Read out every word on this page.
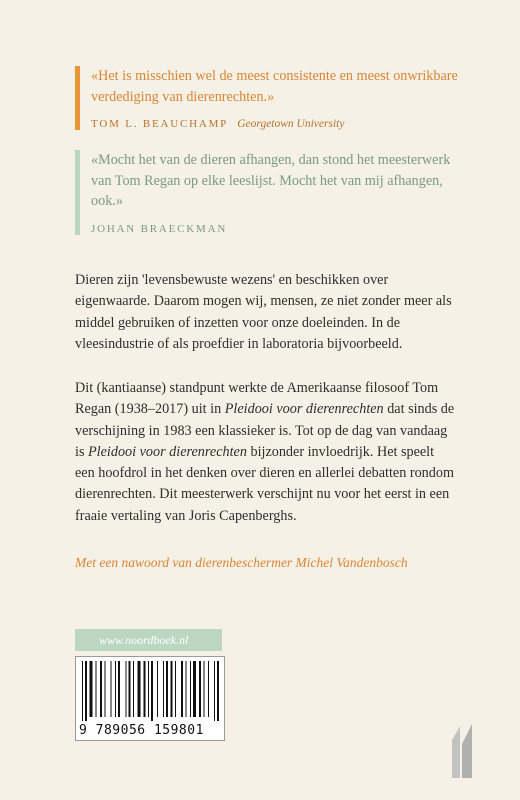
«Het is misschien wel de meest consistente en meest onwrikbare verdediging van dierenrechten.»

TOM L. BEAUCHAMP Georgetown University

«Mocht het van de dieren afhangen, dan stond het meesterwerk van Tom Regan op elke leeslijst. Mocht het van mij afhangen, ook.»

JOHAN BRAECKMAN

Dieren zijn 'levensbewuste wezens' en beschikken over eigenwaarde. Daarom mogen wij, mensen, ze niet zonder meer als middel gebruiken of inzetten voor onze doeleinden. In de vleesindustrie of als proefdier in laboratoria bijvoorbeeld.

Dit (kantiaanse) standpunt werkte de Amerikaanse filosoof Tom Regan (1938–2017) uit in Pleidooi voor dierenrechten dat sinds de verschijning in 1983 een klassieker is. Tot op de dag van vandaag is Pleidooi voor dierenrechten bijzonder invloedrijk. Het speelt een hoofdrol in het denken over dieren en allerlei debatten rondom dierenrechten. Dit meesterwerk verschijnt nu voor het eerst in een fraaie vertaling van Joris Capenberghs.

Met een nawoord van dierenbeschermer Michel Vandenbosch
www.noordboek.nl
9 789056 159801
